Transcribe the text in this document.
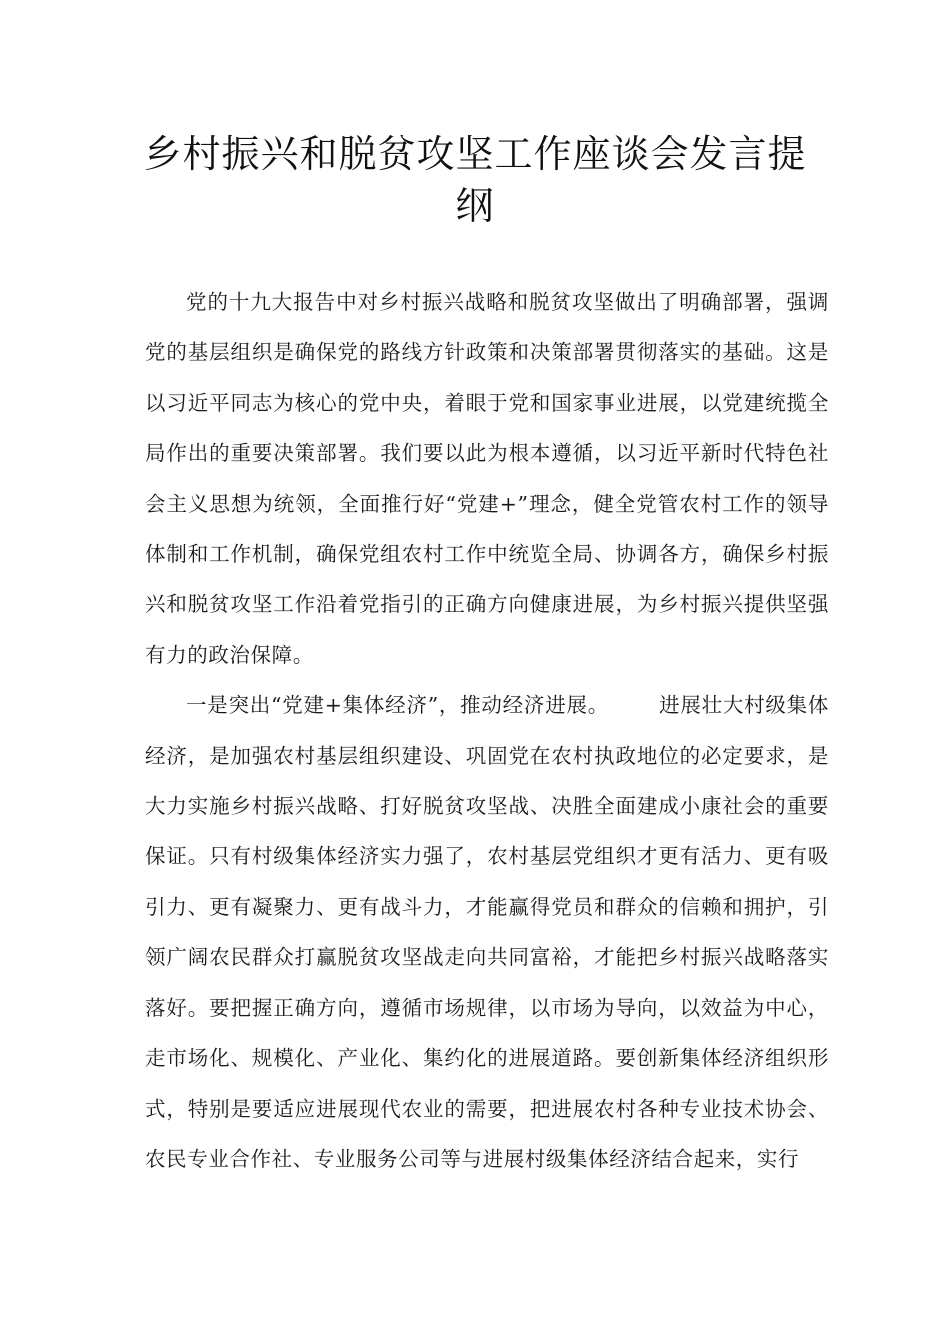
乡村振兴和脱贫攻坚工作座谈会发言提纲

党的十九大报告中对乡村振兴战略和脱贫攻坚做出了明确部署，强调党的基层组织是确保党的路线方针政策和决策部署贯彻落实的基础。这是以习近平同志为核心的党中央，着眼于党和国家事业进展，以党建统揽全局作出的重要决策部署。我们要以此为根本遵循，以习近平新时代特色社会主义思想为统领，全面推行好“党建+”理念，健全党管农村工作的领导体制和工作机制，确保党组农村工作中统览全局、协调各方，确保乡村振兴和脱贫攻坚工作沿着党指引的正确方向健康进展，为乡村振兴提供坚强有力的政治保障。

一是突出“党建+集体经济”，推动经济进展。 进展壮大村级集体经济，是加强农村基层组织建设、巩固党在农村执政地位的必定要求，是大力实施乡村振兴战略、打好脱贫攻坚战、决胜全面建成小康社会的重要保证。只有村级集体经济实力强了，农村基层党组织才更有活力、更有吸引力、更有凝聚力、更有战斗力，才能赢得党员和群众的信赖和拥护，引领广阔农民群众打赢脱贫攻坚战走向共同富裕，才能把乡村振兴战略落实落好。要把握正确方向，遵循市场规律，以市场为导向，以效益为中心，走市场化、规模化、产业化、集约化的进展道路。要创新集体经济组织形式，特别是要适应进展现代农业的需要，把进展农村各种专业技术协会、农民专业合作社、专业服务公司等与进展村级集体经济结合起来，实行
